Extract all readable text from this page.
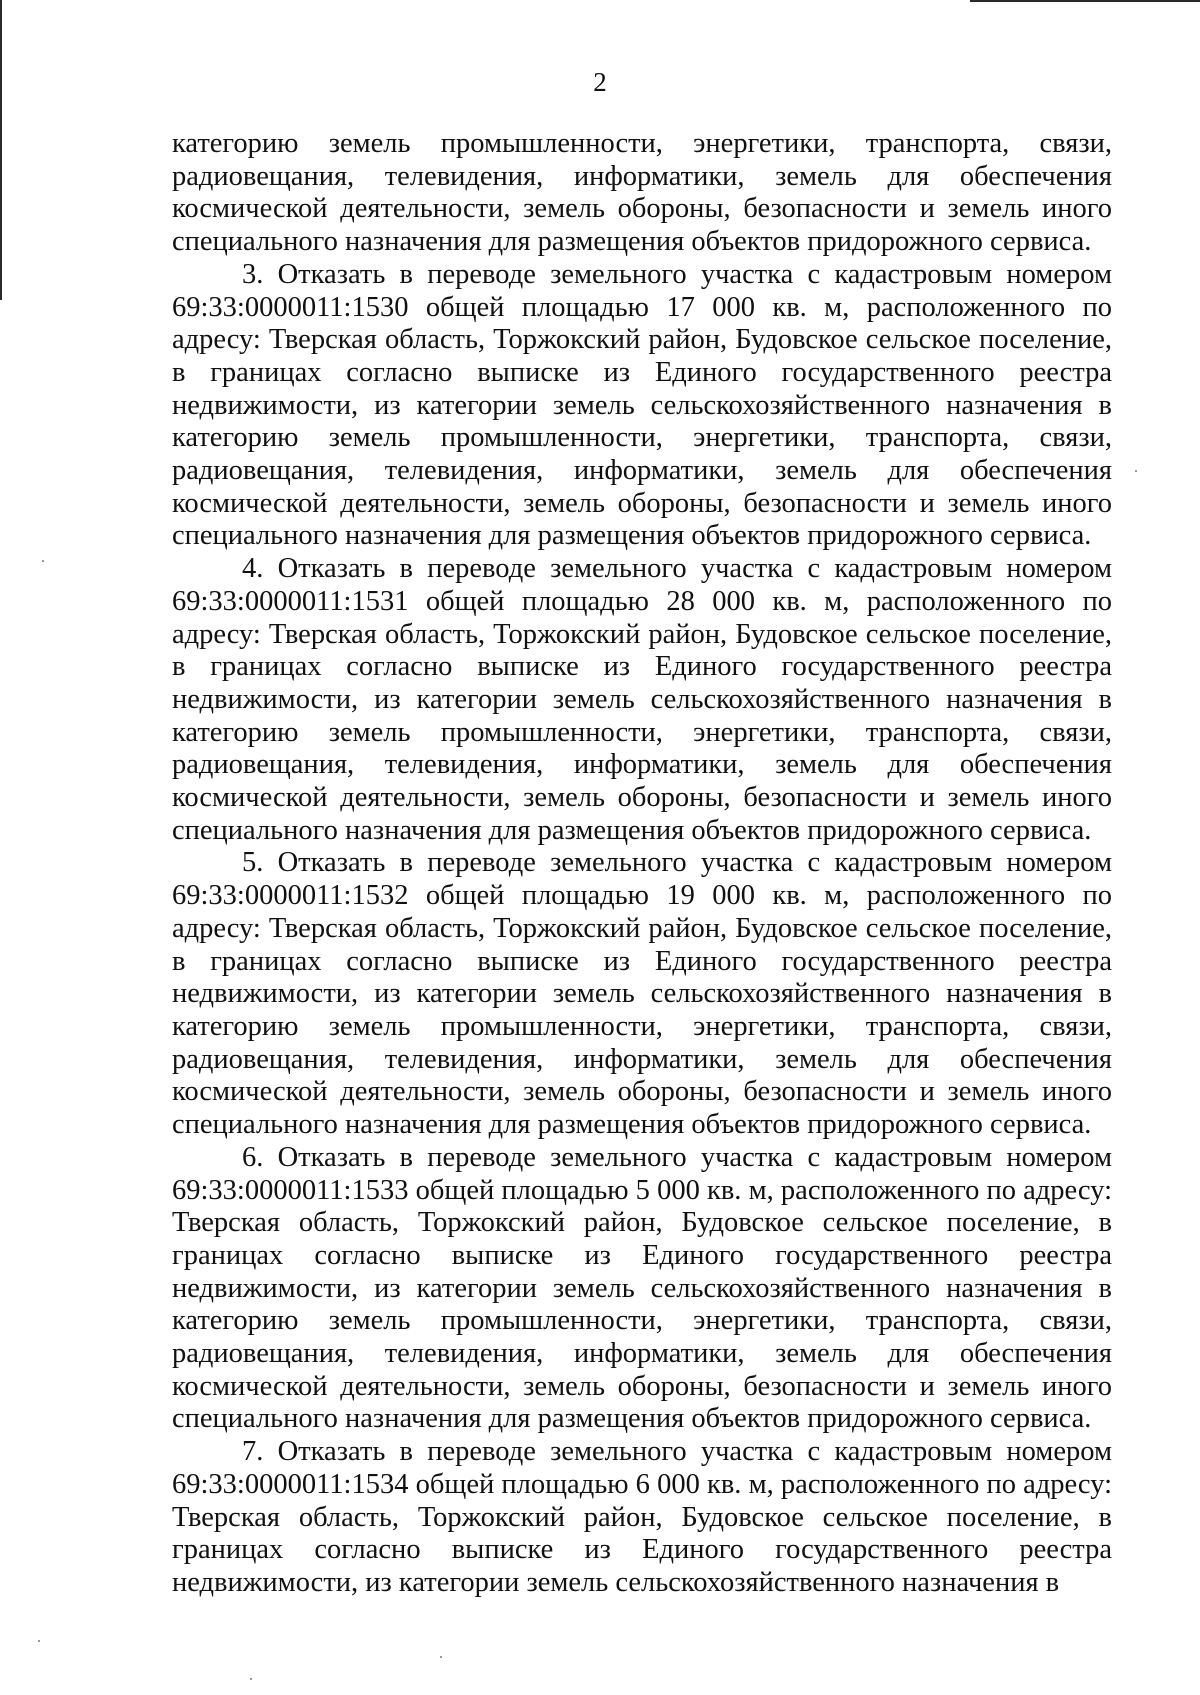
2

категорию земель промышленности, энергетики, транспорта, связи, радиовещания, телевидения, информатики, земель для обеспечения космической деятельности, земель обороны, безопасности и земель иного специального назначения для размещения объектов придорожного сервиса.

3. Отказать в переводе земельного участка с кадастровым номером 69:33:0000011:1530 общей площадью 17 000 кв. м, расположенного по адресу: Тверская область, Торжокский район, Будовское сельское поселение, в границах согласно выписке из Единого государственного реестра недвижимости, из категории земель сельскохозяйственного назначения в категорию земель промышленности, энергетики, транспорта, связи, радиовещания, телевидения, информатики, земель для обеспечения космической деятельности, земель обороны, безопасности и земель иного специального назначения для размещения объектов придорожного сервиса.

4. Отказать в переводе земельного участка с кадастровым номером 69:33:0000011:1531 общей площадью 28 000 кв. м, расположенного по адресу: Тверская область, Торжокский район, Будовское сельское поселение, в границах согласно выписке из Единого государственного реестра недвижимости, из категории земель сельскохозяйственного назначения в категорию земель промышленности, энергетики, транспорта, связи, радиовещания, телевидения, информатики, земель для обеспечения космической деятельности, земель обороны, безопасности и земель иного специального назначения для размещения объектов придорожного сервиса.

5. Отказать в переводе земельного участка с кадастровым номером 69:33:0000011:1532 общей площадью 19 000 кв. м, расположенного по адресу: Тверская область, Торжокский район, Будовское сельское поселение, в границах согласно выписке из Единого государственного реестра недвижимости, из категории земель сельскохозяйственного назначения в категорию земель промышленности, энергетики, транспорта, связи, радиовещания, телевидения, информатики, земель для обеспечения космической деятельности, земель обороны, безопасности и земель иного специального назначения для размещения объектов придорожного сервиса.

6. Отказать в переводе земельного участка с кадастровым номером 69:33:0000011:1533 общей площадью 5 000 кв. м, расположенного по адресу: Тверская область, Торжокский район, Будовское сельское поселение, в границах согласно выписке из Единого государственного реестра недвижимости, из категории земель сельскохозяйственного назначения в категорию земель промышленности, энергетики, транспорта, связи, радиовещания, телевидения, информатики, земель для обеспечения космической деятельности, земель обороны, безопасности и земель иного специального назначения для размещения объектов придорожного сервиса.

7. Отказать в переводе земельного участка с кадастровым номером 69:33:0000011:1534 общей площадью 6 000 кв. м, расположенного по адресу: Тверская область, Торжокский район, Будовское сельское поселение, в границах согласно выписке из Единого государственного реестра недвижимости, из категории земель сельскохозяйственного назначения в
